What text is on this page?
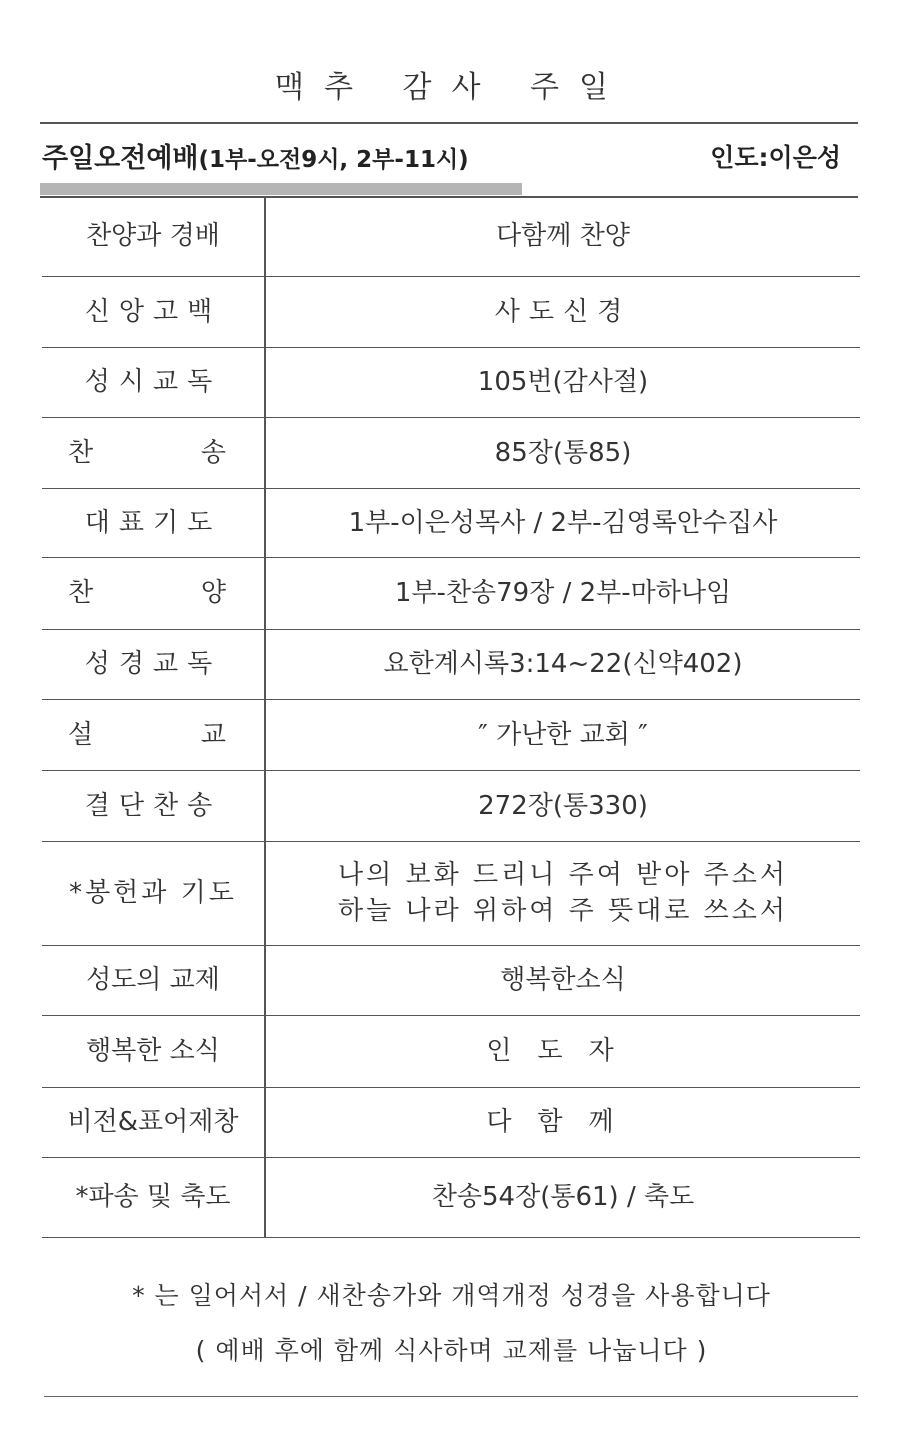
맥추 감사 주일
주일오전예배(1부-오전9시, 2부-11시)	인도:이은성
찬양과 경배	다함께 찬양
신앙고백	사도신경
성시교독	105번(감사절)

찬 송	85장(통85)
대표기도	1부-이은성목사 / 2부-김영록안수집사

찬 양	1부-찬송79장 / 2부-마하나임
성경교독	요한계시록3:14~22(신약402)

설 교	″ 가난한 교회 ″
결단찬송	272장(통330)
*봉헌과 기도	나의 보화 드리니 주여 받아 주소서
하늘 나라 위하여 주 뜻대로 쓰소서

성도의 교제	행복한소식
행복한 소식	인도자
비전&표어제창	다함께
*파송 및 축도	찬송54장(통61) / 축도
* 는 일어서서 / 새찬송가와 개역개정 성경을 사용합니다
( 예배 후에 함께 식사하며 교제를 나눕니다 )
